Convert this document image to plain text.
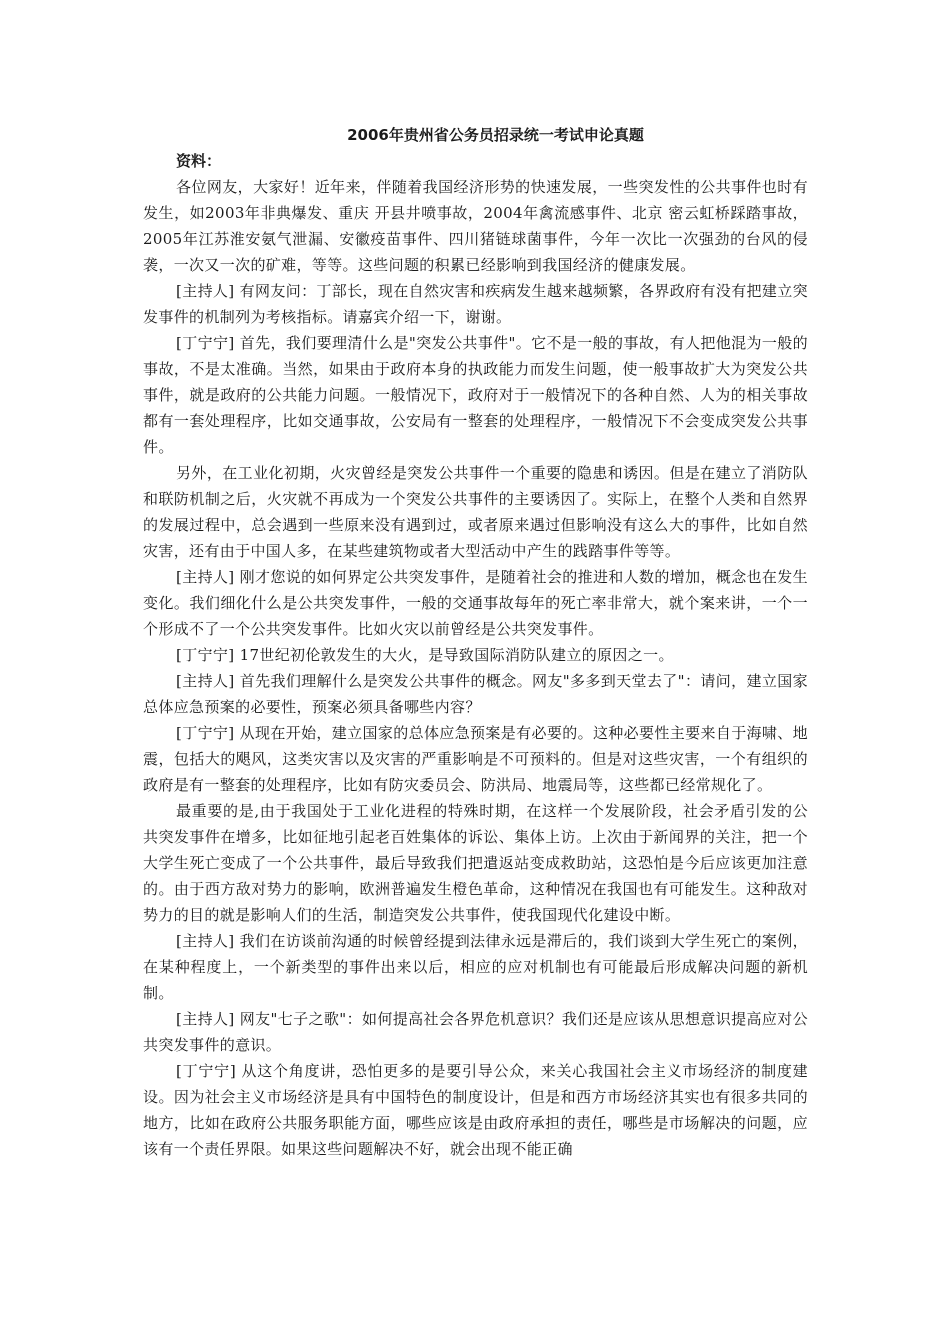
2006年贵州省公务员招录统一考试申论真题

资料：

各位网友，大家好！近年来，伴随着我国经济形势的快速发展，一些突发性的公共事件也时有发生，如2003年非典爆发、重庆 开县井喷事故，2004年禽流感事件、北京 密云虹桥踩踏事故，2005年江苏淮安氨气泄漏、安徽疫苗事件、四川猪链球菌事件，今年一次比一次强劲的台风的侵袭，一次又一次的矿难，等等。这些问题的积累已经影响到我国经济的健康发展。

[主持人] 有网友问：丁部长，现在自然灾害和疾病发生越来越频繁，各界政府有没有把建立突发事件的机制列为考核指标。请嘉宾介绍一下，谢谢。

[丁宁宁] 首先，我们要理清什么是"突发公共事件"。它不是一般的事故，有人把他混为一般的事故，不是太准确。当然，如果由于政府本身的执政能力而发生问题，使一般事故扩大为突发公共事件，就是政府的公共能力问题。一般情况下，政府对于一般情况下的各种自然、人为的相关事故都有一套处理程序，比如交通事故，公安局有一整套的处理程序，一般情况下不会变成突发公共事件。

另外，在工业化初期，火灾曾经是突发公共事件一个重要的隐患和诱因。但是在建立了消防队和联防机制之后，火灾就不再成为一个突发公共事件的主要诱因了。实际上，在整个人类和自然界的发展过程中，总会遇到一些原来没有遇到过，或者原来遇过但影响没有这么大的事件，比如自然灾害，还有由于中国人多，在某些建筑物或者大型活动中产生的践踏事件等等。

[主持人] 刚才您说的如何界定公共突发事件，是随着社会的推进和人数的增加，概念也在发生变化。我们细化什么是公共突发事件，一般的交通事故每年的死亡率非常大，就个案来讲，一个一个形成不了一个公共突发事件。比如火灾以前曾经是公共突发事件。

[丁宁宁] 17世纪初伦敦发生的大火，是导致国际消防队建立的原因之一。

[主持人] 首先我们理解什么是突发公共事件的概念。网友"多多到天堂去了"：请问，建立国家总体应急预案的必要性，预案必须具备哪些内容？

[丁宁宁] 从现在开始，建立国家的总体应急预案是有必要的。这种必要性主要来自于海啸、地震，包括大的飓风，这类灾害以及灾害的严重影响是不可预料的。但是对这些灾害，一个有组织的政府是有一整套的处理程序，比如有防灾委员会、防洪局、地震局等，这些都已经常规化了。

最重要的是,由于我国处于工业化进程的特殊时期，在这样一个发展阶段，社会矛盾引发的公共突发事件在增多，比如征地引起老百姓集体的诉讼、集体上访。上次由于新闻界的关注，把一个大学生死亡变成了一个公共事件，最后导致我们把遣返站变成救助站，这恐怕是今后应该更加注意的。由于西方敌对势力的影响，欧洲普遍发生橙色革命，这种情况在我国也有可能发生。这种敌对势力的目的就是影响人们的生活，制造突发公共事件，使我国现代化建设中断。

[主持人] 我们在访谈前沟通的时候曾经提到法律永远是滞后的，我们谈到大学生死亡的案例，在某种程度上，一个新类型的事件出来以后，相应的应对机制也有可能最后形成解决问题的新机制。

[主持人] 网友"七子之歌"：如何提高社会各界危机意识？我们还是应该从思想意识提高应对公共突发事件的意识。

[丁宁宁] 从这个角度讲，恐怕更多的是要引导公众，来关心我国社会主义市场经济的制度建设。因为社会主义市场经济是具有中国特色的制度设计，但是和西方市场经济其实也有很多共同的地方，比如在政府公共服务职能方面，哪些应该是由政府承担的责任，哪些是市场解决的问题，应该有一个责任界限。如果这些问题解决不好，就会出现不能正确
